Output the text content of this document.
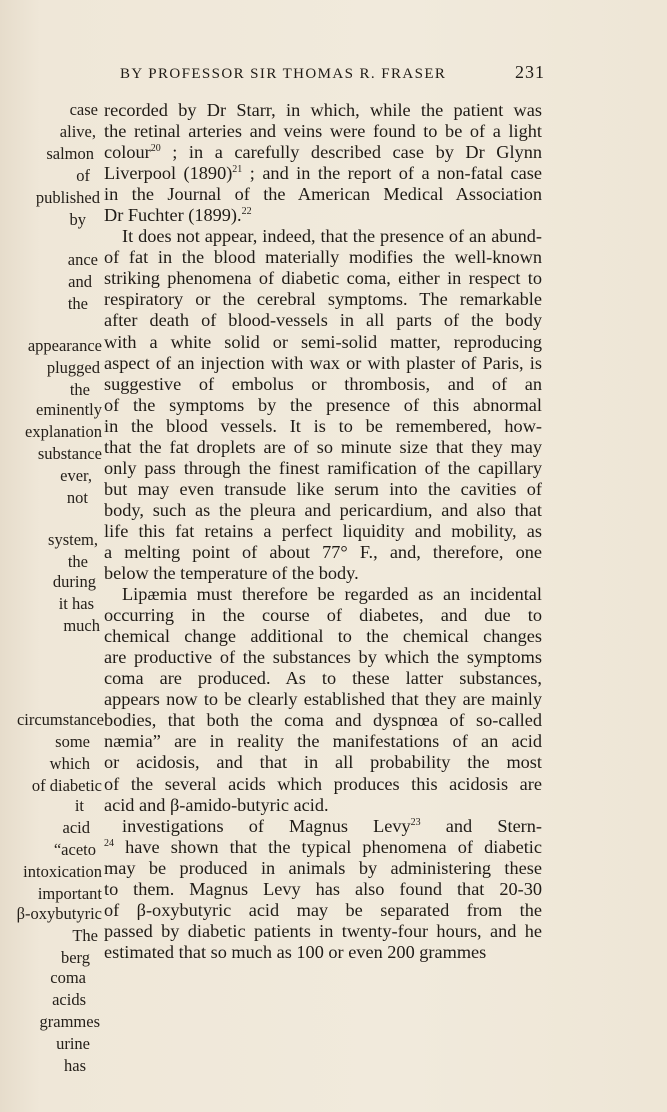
BY PROFESSOR SIR THOMAS R. FRASER	231
case
alive,
salmon
of
published
by
ance
and
the
appearance
plugged
the
eminently
explanation
substance
ever,
not
system,
the
during
it has
much
circumstance
some
which
of diabetic
it
acid
“aceto
intoxication
important
β-oxybutyric
The
berg
coma
acids
grammes
urine
has
recorded by Dr Starr, in which, while the patient was
the retinal arteries and veins were found to be of a light
colour$^{20}$ ; in a carefully described case by Dr Glynn
Liverpool $(1890)^{21}$ ; and in the report of a non-fatal case
in the Journal of the American Medical Association
Dr Fuchter (1899).$^{22}$
It does not appear, indeed, that the presence of an abund-
of fat in the blood materially modifies the well-known
striking phenomena of diabetic coma, either in respect to
respiratory or the cerebral symptoms. The remarkable
after death of blood-vessels in all parts of the body
with a white solid or semi-solid matter, reproducing
aspect of an injection with wax or with plaster of Paris, is
suggestive of embolus or thrombosis, and of an
of the symptoms by the presence of this abnormal
in the blood vessels. It is to be remembered, how-
that the fat droplets are of so minute size that they may
only pass through the finest ramification of the capillary
but may even transude like serum into the cavities of
body, such as the pleura and pericardium, and also that
life this fat retains a perfect liquidity and mobility, as
a melting point of about 77° F., and, therefore, one
below the temperature of the body.
Lipæmia must therefore be regarded as an incidental
occurring in the course of diabetes, and due to
chemical change additional to the chemical changes
are productive of the substances by which the symptoms
coma are produced. As to these latter substances,
appears now to be clearly established that they are mainly
bodies, that both the coma and dyspnœa of so-called
næmia” are in reality the manifestations of an acid
or acidosis, and that in all probability the most
of the several acids which produces this acidosis are
acid and β-amido-butyric acid.
investigations of Magnus Levy$^{23}$ and Stern-
$^{24}$ have shown that the typical phenomena of diabetic
may be produced in animals by administering these
to them. Magnus Levy has also found that 20-30
of β-oxybutyric acid may be separated from the
passed by diabetic patients in twenty-four hours, and he
estimated that so much as 100 or even 200 grammes
